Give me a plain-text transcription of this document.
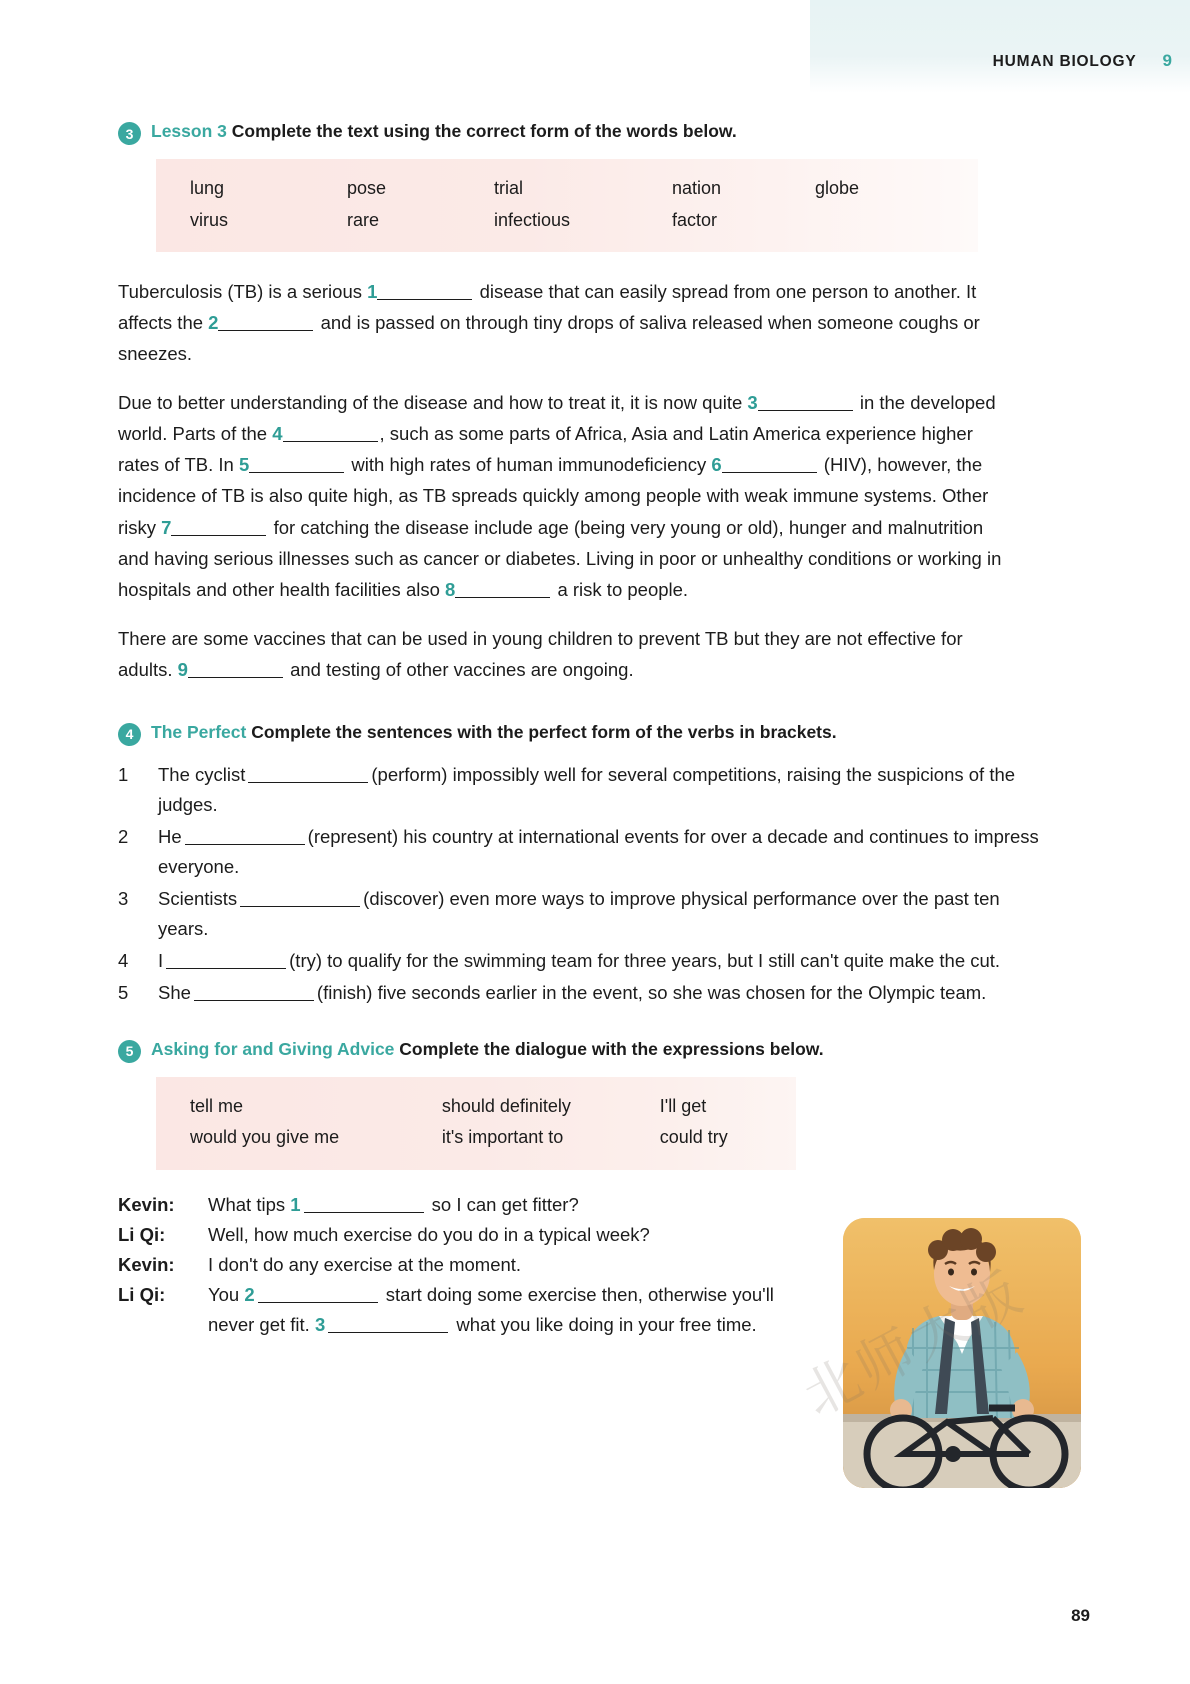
HUMAN BIOLOGY 9
3	Lesson 3 Complete the text using the correct form of the words below.
lung	pose	trial	nation	globe
virus	rare	infectious	factor

Tuberculosis (TB) is a serious 1	disease that can easily spread from one person to another. It affects the 2	and is passed on through tiny drops of saliva released when someone coughs or sneezes.

Due to better understanding of the disease and how to treat it, it is now quite 3	in the developed world. Parts of the 4	, such as some parts of Africa, Asia and Latin America experience higher rates of TB. In 5	with high rates of human immunodeficiency 6	(HIV), however, the incidence of TB is also quite high, as TB spreads quickly among people with weak immune systems. Other risky 7	for catching the disease include age (being very young or old), hunger and malnutrition and having serious illnesses such as cancer or diabetes. Living in poor or unhealthy conditions or working in hospitals and other health facilities also 8	a risk to people.

There are some vaccines that can be used in young children to prevent TB but they are not effective for adults. 9	and testing of other vaccines are ongoing.

4	The Perfect Complete the sentences with the perfect form of the verbs in brackets.
1	The cyclist	(perform) impossibly well for several competitions, raising the suspicions of the judges.
2	He	(represent) his country at international events for over a decade and continues to impress everyone.
3	Scientists	(discover) even more ways to improve physical performance over the past ten years.
4	I	(try) to qualify for the swimming team for three years, but I still can't quite make the cut.
5	She	(finish) five seconds earlier in the event, so she was chosen for the Olympic team.
5	Asking for and Giving Advice Complete the dialogue with the expressions below.
tell me	should definitely	I'll get
would you give me	it's important to	could try
Kevin:	What tips 1	so I can get fitter?
Li Qi:	Well, how much exercise do you do in a typical week?
Kevin:	I don't do any exercise at the moment.
Li Qi:	You 2	start doing some exercise then, otherwise you'll never get fit. 3	what you like doing in your free time.
89
